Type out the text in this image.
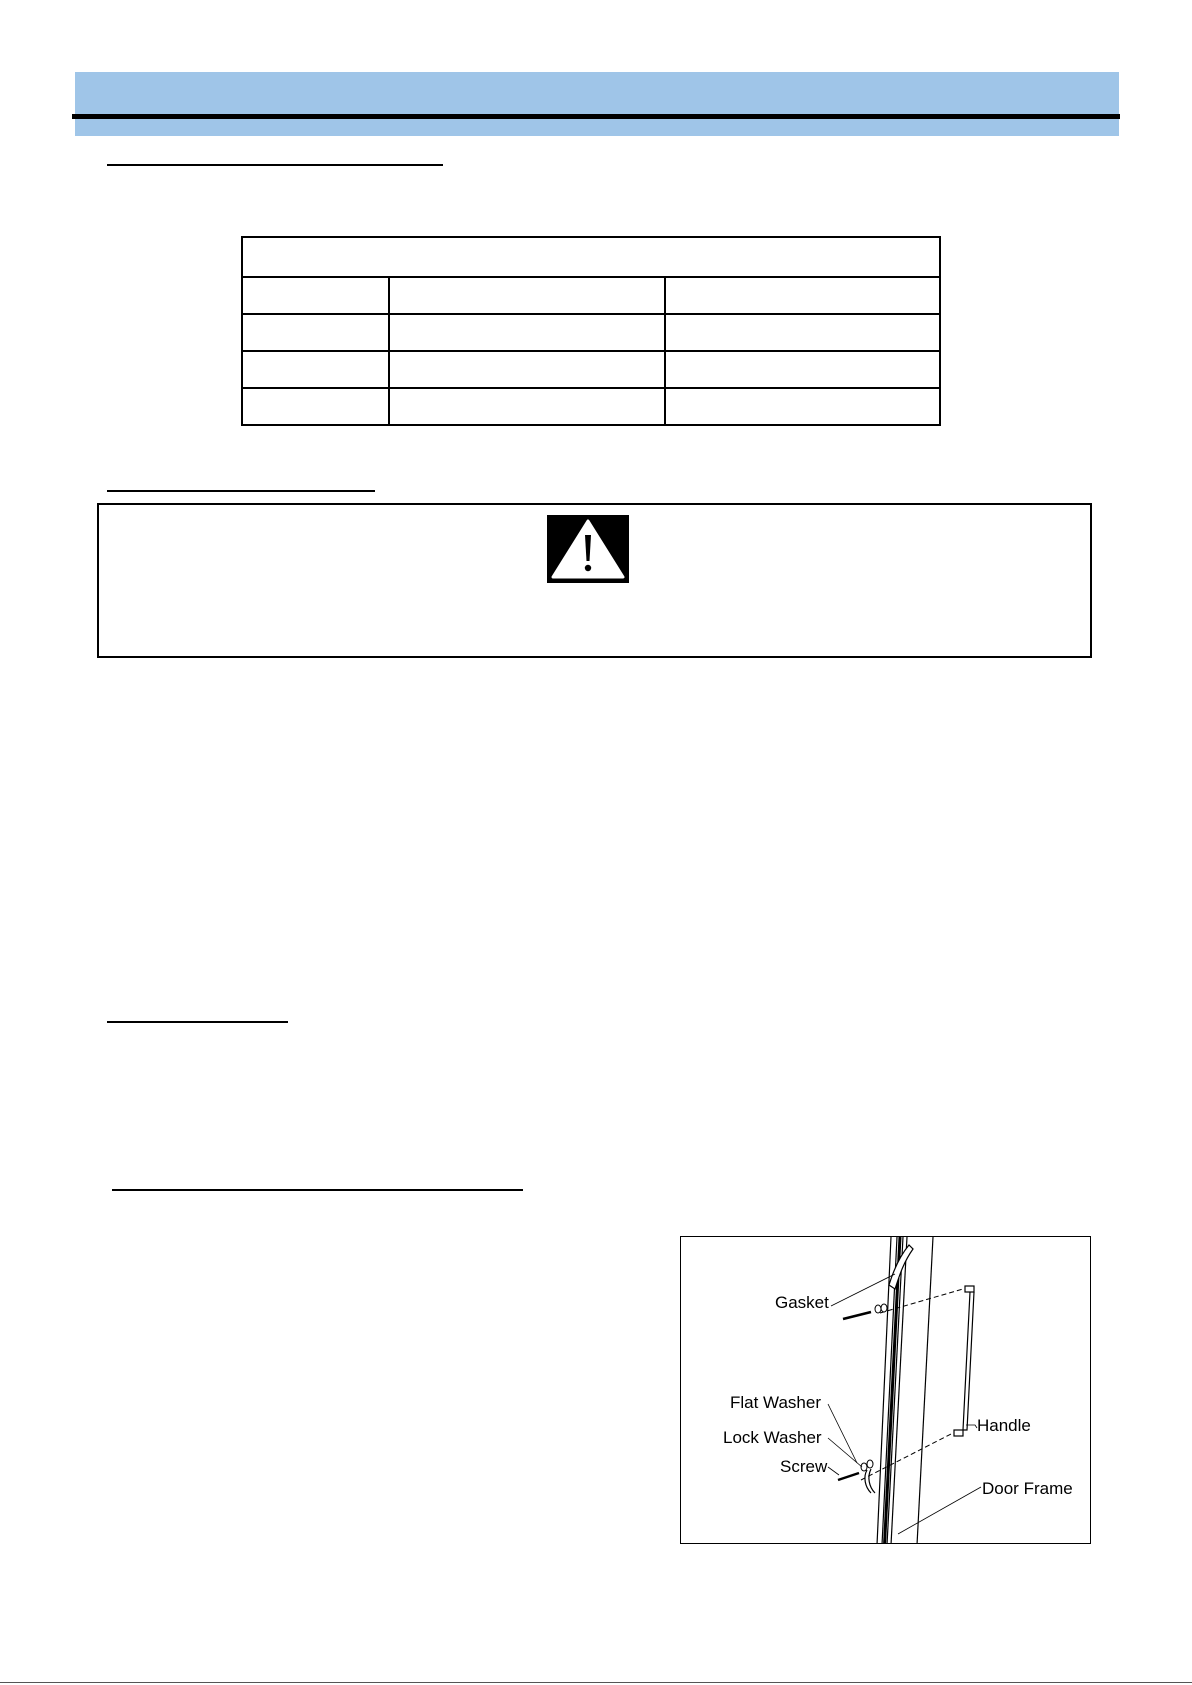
Gasket
Flat Washer
Lock Washer
Screw
Handle
Door Frame
